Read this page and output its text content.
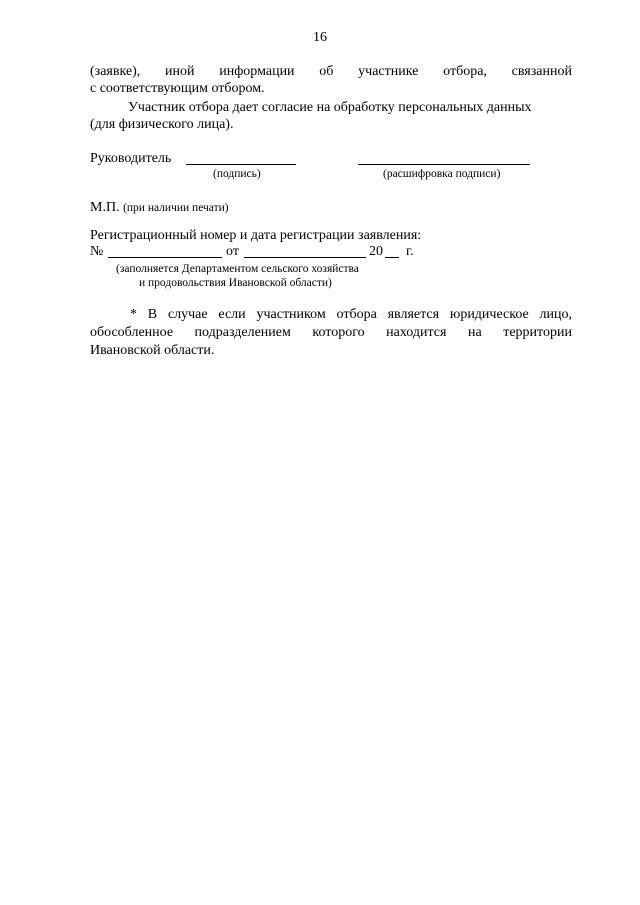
16
(заявке), иной информации об участнике отбора, связанной
с соответствующим отбором.
Участник отбора дает согласие на обработку персональных данных
(для физического лица).
Руководитель
(подпись)	(расшифровка подписи)
М.П. (при наличии печати)
Регистрационный номер и дата регистрации заявления:
№	от	20 г.
(заполняется Департаментом сельского хозяйства
и продовольствия Ивановской области)
* В случае если участником отбора является юридическое лицо,
обособленное подразделением которого находится на территории
Ивановской области.
